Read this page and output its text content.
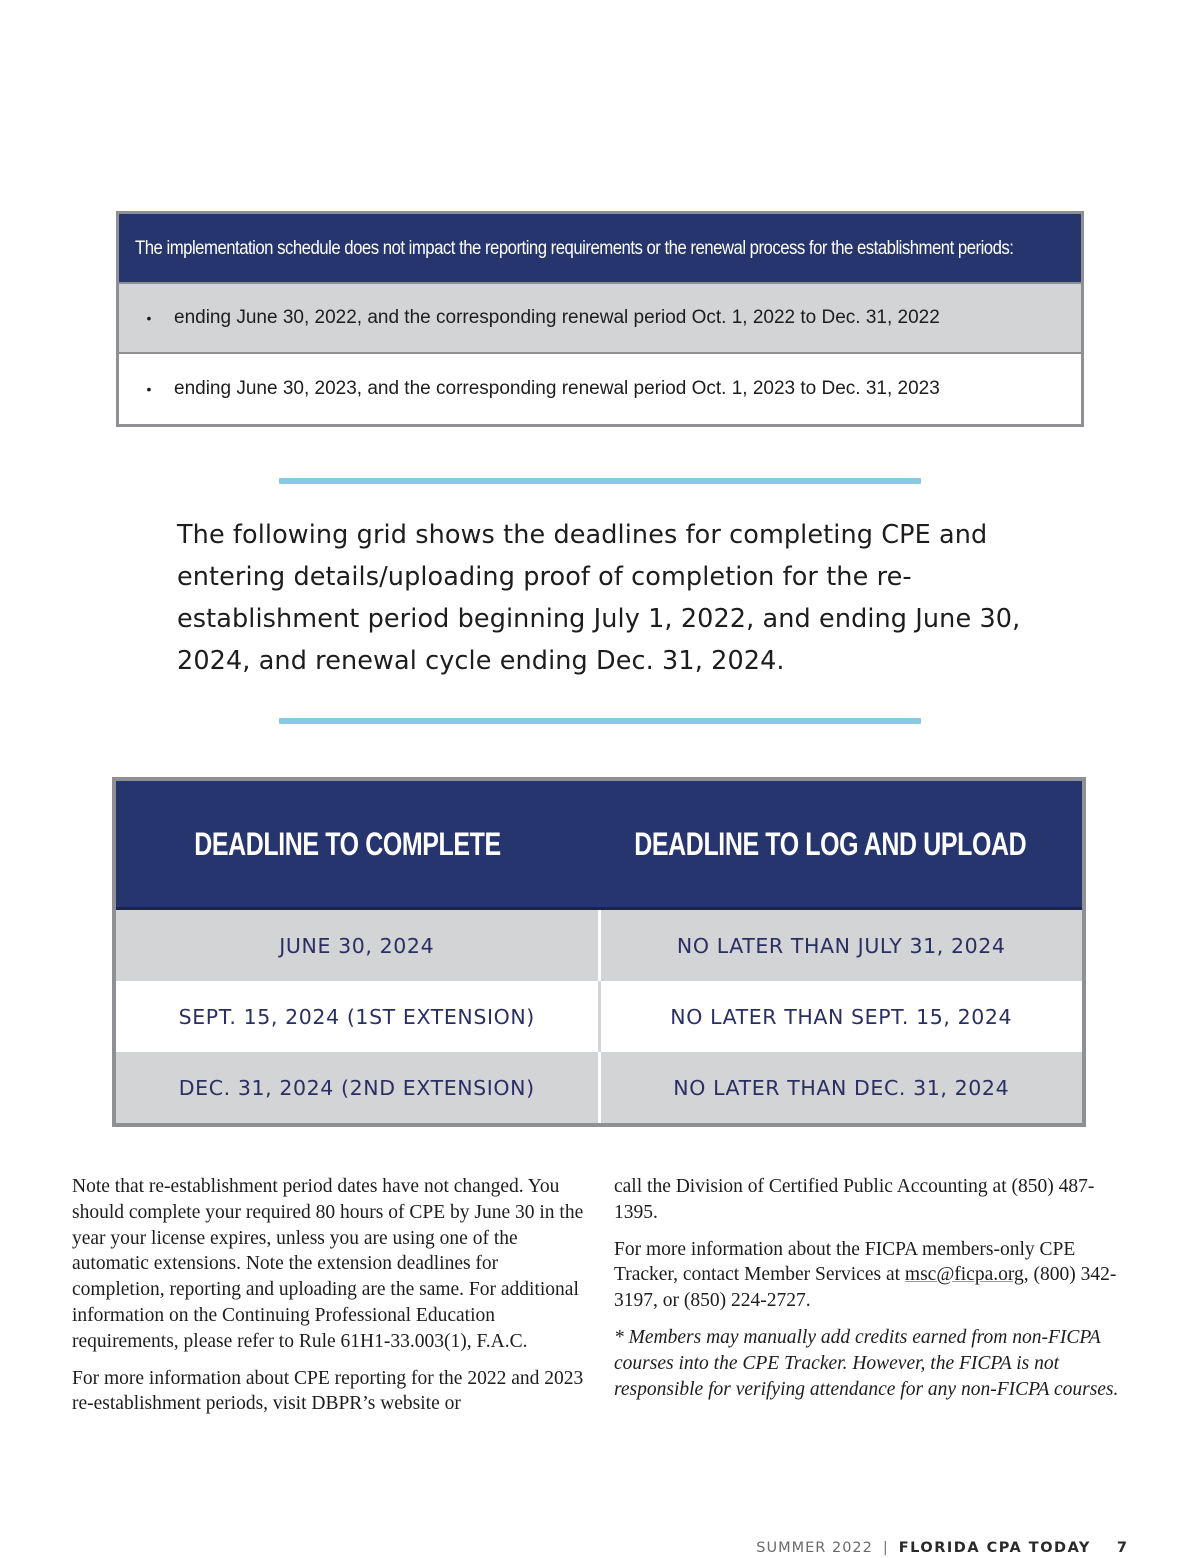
The implementation schedule does not impact the reporting requirements or the renewal process for the establishment periods:
•	ending June 30, 2022, and the corresponding renewal period Oct. 1, 2022 to Dec. 31, 2022
•	ending June 30, 2023, and the corresponding renewal period Oct. 1, 2023 to Dec. 31, 2023
The following grid shows the deadlines for completing CPE and entering details/uploading proof of completion for the re-establishment period beginning July 1, 2022, and ending June 30, 2024, and renewal cycle ending Dec. 31, 2024.
DEADLINE TO COMPLETE	DEADLINE TO LOG AND UPLOAD
JUNE 30, 2024	NO LATER THAN JULY 31, 2024
SEPT. 15, 2024 (1ST EXTENSION)	NO LATER THAN SEPT. 15, 2024
DEC. 31, 2024 (2ND EXTENSION)	NO LATER THAN DEC. 31, 2024

Note that re-establishment period dates have not changed. You should complete your required 80 hours of CPE by June 30 in the year your license expires, unless you are using one of the automatic extensions. Note the extension deadlines for completion, reporting and uploading are the same. For additional information on the Continuing Professional Education requirements, please refer to Rule 61H1-33.003(1), F.A.C.

For more information about CPE reporting for the 2022 and 2023 re-establishment periods, visit DBPR’s website or

call the Division of Certified Public Accounting at (850) 487-1395.

For more information about the FICPA members-only CPE Tracker, contact Member Services at msc@ficpa.org, (800) 342-3197, or (850) 224-2727.

* Members may manually add credits earned from non-FICPA courses into the CPE Tracker. However, the FICPA is not responsible for verifying attendance for any non-FICPA courses.

SUMMER 2022 | FLORIDA CPA TODAY 7
